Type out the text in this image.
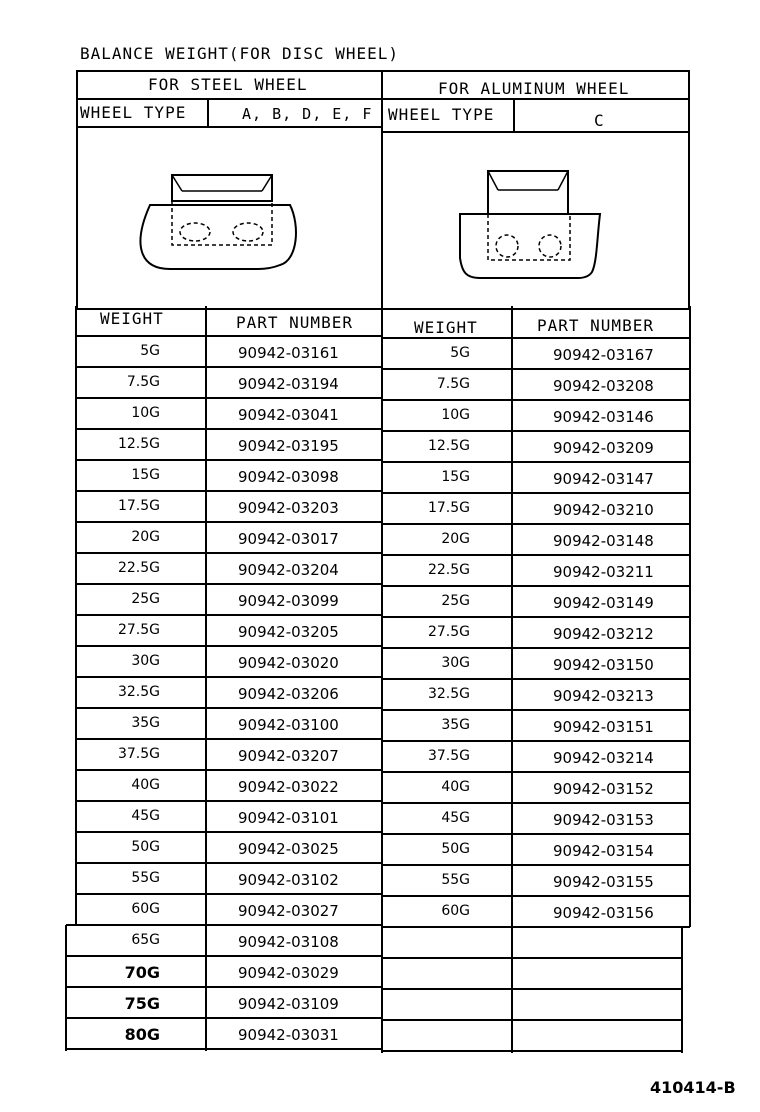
BALANCE WEIGHT(FOR DISC WHEEL)
FOR STEEL WHEEL	FOR ALUMINUM WHEEL
WHEEL TYPE	A, B, D, E, F WHEEL TYPE	C
WEIGHT	PART NUMBER
5G	90942-03161
7.5G	90942-03194
10G	90942-03041
12.5G	90942-03195
15G	90942-03098
17.5G	90942-03203
20G	90942-03017
22.5G	90942-03204
25G	90942-03099
27.5G	90942-03205
30G	90942-03020
32.5G	90942-03206
35G	90942-03100
37.5G	90942-03207
40G	90942-03022
45G	90942-03101
50G	90942-03025
55G	90942-03102
60G	90942-03027
65G	90942-03108
70G	90942-03029
75G	90942-03109
80G	90942-03031
WEIGHT	PART NUMBER
5G	90942-03167
7.5G	90942-03208
10G	90942-03146
12.5G	90942-03209
15G	90942-03147
17.5G	90942-03210
20G	90942-03148
22.5G	90942-03211
25G	90942-03149
27.5G	90942-03212
30G	90942-03150
32.5G	90942-03213
35G	90942-03151
37.5G	90942-03214
40G	90942-03152
45G	90942-03153
50G	90942-03154
55G	90942-03155
60G	90942-03156
410414-B
